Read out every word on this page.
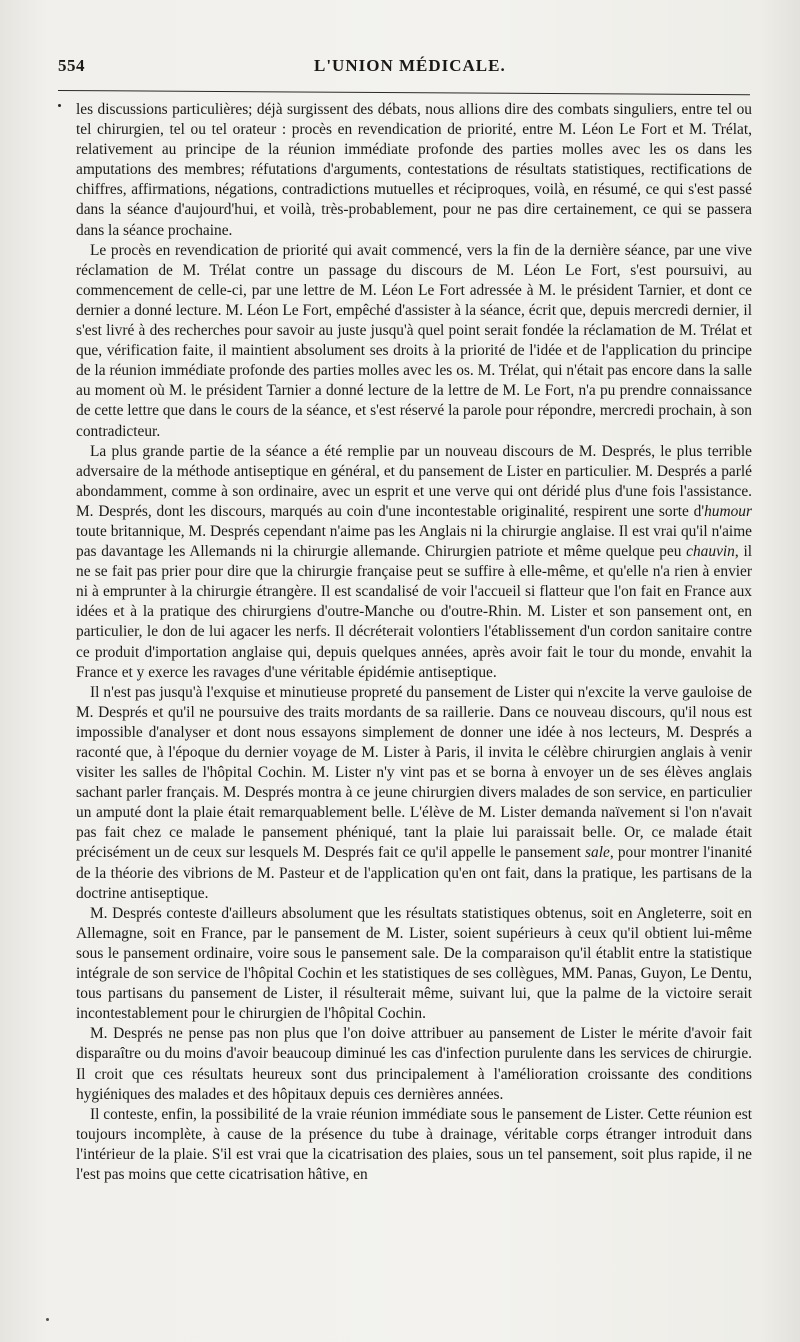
554	L'UNION MÉDICALE.

les discussions particulières; déjà surgissent des débats, nous allions dire des combats singuliers, entre tel ou tel chirurgien, tel ou tel orateur : procès en revendication de priorité, entre M. Léon Le Fort et M. Trélat, relativement au principe de la réunion immédiate profonde des parties molles avec les os dans les amputations des membres; réfutations d'arguments, contestations de résultats statistiques, rectifications de chiffres, affirmations, négations, contradictions mutuelles et réciproques, voilà, en résumé, ce qui s'est passé dans la séance d'aujourd'hui, et voilà, très-probablement, pour ne pas dire certainement, ce qui se passera dans la séance prochaine.

Le procès en revendication de priorité qui avait commencé, vers la fin de la dernière séance, par une vive réclamation de M. Trélat contre un passage du discours de M. Léon Le Fort, s'est poursuivi, au commencement de celle-ci, par une lettre de M. Léon Le Fort adressée à M. le président Tarnier, et dont ce dernier a donné lecture. M. Léon Le Fort, empêché d'assister à la séance, écrit que, depuis mercredi dernier, il s'est livré à des recherches pour savoir au juste jusqu'à quel point serait fondée la réclamation de M. Trélat et que, vérification faite, il maintient absolument ses droits à la priorité de l'idée et de l'application du principe de la réunion immédiate profonde des parties molles avec les os. M. Trélat, qui n'était pas encore dans la salle au moment où M. le président Tarnier a donné lecture de la lettre de M. Le Fort, n'a pu prendre connaissance de cette lettre que dans le cours de la séance, et s'est réservé la parole pour répondre, mercredi prochain, à son contradicteur.

La plus grande partie de la séance a été remplie par un nouveau discours de M. Després, le plus terrible adversaire de la méthode antiseptique en général, et du pansement de Lister en particulier. M. Després a parlé abondamment, comme à son ordinaire, avec un esprit et une verve qui ont déridé plus d'une fois l'assistance. M. Després, dont les discours, marqués au coin d'une incontestable originalité, respirent une sorte d'humour toute britannique, M. Després cependant n'aime pas les Anglais ni la chirurgie anglaise. Il est vrai qu'il n'aime pas davantage les Allemands ni la chirurgie allemande. Chirurgien patriote et même quelque peu chauvin, il ne se fait pas prier pour dire que la chirurgie française peut se suffire à elle-même, et qu'elle n'a rien à envier ni à emprunter à la chirurgie étrangère. Il est scandalisé de voir l'accueil si flatteur que l'on fait en France aux idées et à la pratique des chirurgiens d'outre-Manche ou d'outre-Rhin. M. Lister et son pansement ont, en particulier, le don de lui agacer les nerfs. Il décréterait volontiers l'établissement d'un cordon sanitaire contre ce produit d'importation anglaise qui, depuis quelques années, après avoir fait le tour du monde, envahit la France et y exerce les ravages d'une véritable épidémie antiseptique.

Il n'est pas jusqu'à l'exquise et minutieuse propreté du pansement de Lister qui n'excite la verve gauloise de M. Després et qu'il ne poursuive des traits mordants de sa raillerie. Dans ce nouveau discours, qu'il nous est impossible d'analyser et dont nous essayons simplement de donner une idée à nos lecteurs, M. Després a raconté que, à l'époque du dernier voyage de M. Lister à Paris, il invita le célèbre chirurgien anglais à venir visiter les salles de l'hôpital Cochin. M. Lister n'y vint pas et se borna à envoyer un de ses élèves anglais sachant parler français. M. Després montra à ce jeune chirurgien divers malades de son service, en particulier un amputé dont la plaie était remarquablement belle. L'élève de M. Lister demanda naïvement si l'on n'avait pas fait chez ce malade le pansement phéniqué, tant la plaie lui paraissait belle. Or, ce malade était précisément un de ceux sur lesquels M. Després fait ce qu'il appelle le pansement sale, pour montrer l'inanité de la théorie des vibrions de M. Pasteur et de l'application qu'en ont fait, dans la pratique, les partisans de la doctrine antiseptique.

M. Després conteste d'ailleurs absolument que les résultats statistiques obtenus, soit en Angleterre, soit en Allemagne, soit en France, par le pansement de M. Lister, soient supérieurs à ceux qu'il obtient lui-même sous le pansement ordinaire, voire sous le pansement sale. De la comparaison qu'il établit entre la statistique intégrale de son service de l'hôpital Cochin et les statistiques de ses collègues, MM. Panas, Guyon, Le Dentu, tous partisans du pansement de Lister, il résulterait même, suivant lui, que la palme de la victoire serait incontestablement pour le chirurgien de l'hôpital Cochin.

M. Després ne pense pas non plus que l'on doive attribuer au pansement de Lister le mérite d'avoir fait disparaître ou du moins d'avoir beaucoup diminué les cas d'infection purulente dans les services de chirurgie. Il croit que ces résultats heureux sont dus principalement à l'amélioration croissante des conditions hygiéniques des malades et des hôpitaux depuis ces dernières années.

Il conteste, enfin, la possibilité de la vraie réunion immédiate sous le pansement de Lister. Cette réunion est toujours incomplète, à cause de la présence du tube à drainage, véritable corps étranger introduit dans l'intérieur de la plaie. S'il est vrai que la cicatrisation des plaies, sous un tel pansement, soit plus rapide, il ne l'est pas moins que cette cicatrisation hâtive, en
